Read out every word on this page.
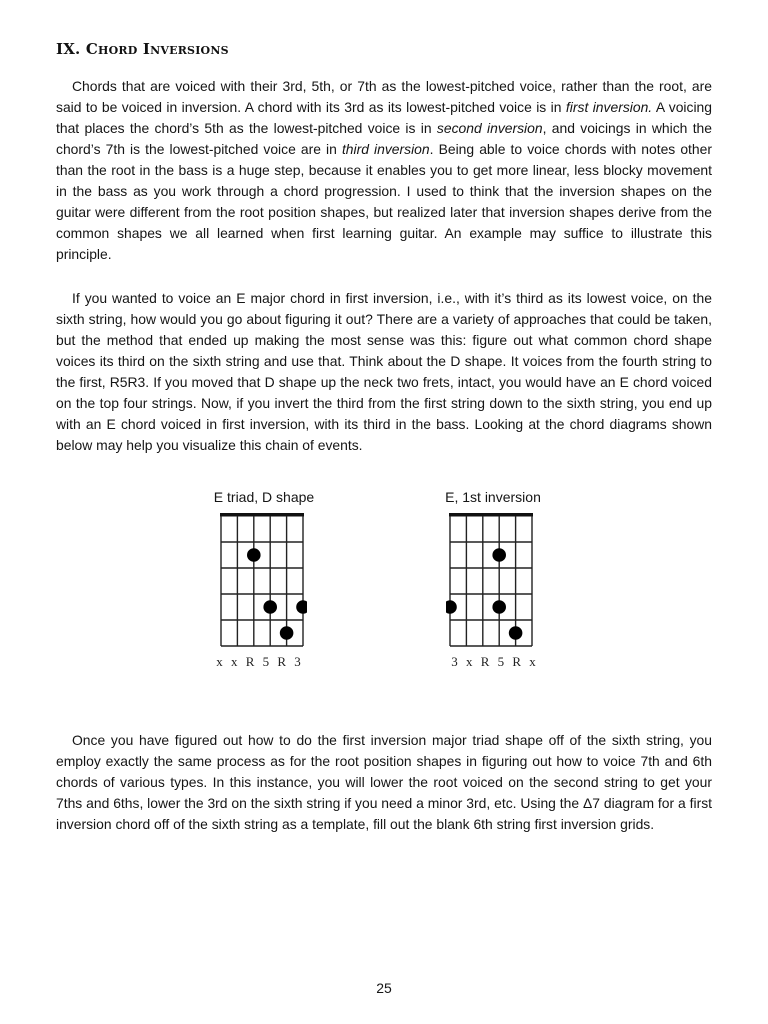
IX. Chord Inversions

Chords that are voiced with their 3rd, 5th, or 7th as the lowest-pitched voice, rather than the root, are said to be voiced in inversion. A chord with its 3rd as its lowest-pitched voice is in first inversion. A voicing that places the chord’s 5th as the lowest-pitched voice is in second inversion, and voicings in which the chord’s 7th is the lowest-pitched voice are in third inversion. Being able to voice chords with notes other than the root in the bass is a huge step, because it enables you to get more linear, less blocky movement in the bass as you work through a chord progression. I used to think that the inversion shapes on the guitar were different from the root position shapes, but realized later that inversion shapes derive from the common shapes we all learned when first learning guitar. An example may suffice to illustrate this principle.

If you wanted to voice an E major chord in first inversion, i.e., with it’s third as its lowest voice, on the sixth string, how would you go about figuring it out? There are a variety of approaches that could be taken, but the method that ended up making the most sense was this: figure out what common chord shape voices its third on the sixth string and use that. Think about the D shape. It voices from the fourth string to the first, R5R3. If you moved that D shape up the neck two frets, intact, you would have an E chord voiced on the top four strings. Now, if you invert the third from the first string down to the sixth string, you end up with an E chord voiced in first inversion, with its third in the bass. Looking at the chord diagrams shown below may help you visualize this chain of events.

E triad, D shape
x x R 5 R 3
E, 1st inversion
3 x R 5 R x

Once you have figured out how to do the first inversion major triad shape off of the sixth string, you employ exactly the same process as for the root position shapes in figuring out how to voice 7th and 6th chords of various types. In this instance, you will lower the root voiced on the second string to get your 7ths and 6ths, lower the 3rd on the sixth string if you need a minor 3rd, etc. Using the Δ7 diagram for a first inversion chord off of the sixth string as a template, fill out the blank 6th string first inversion grids.

25
